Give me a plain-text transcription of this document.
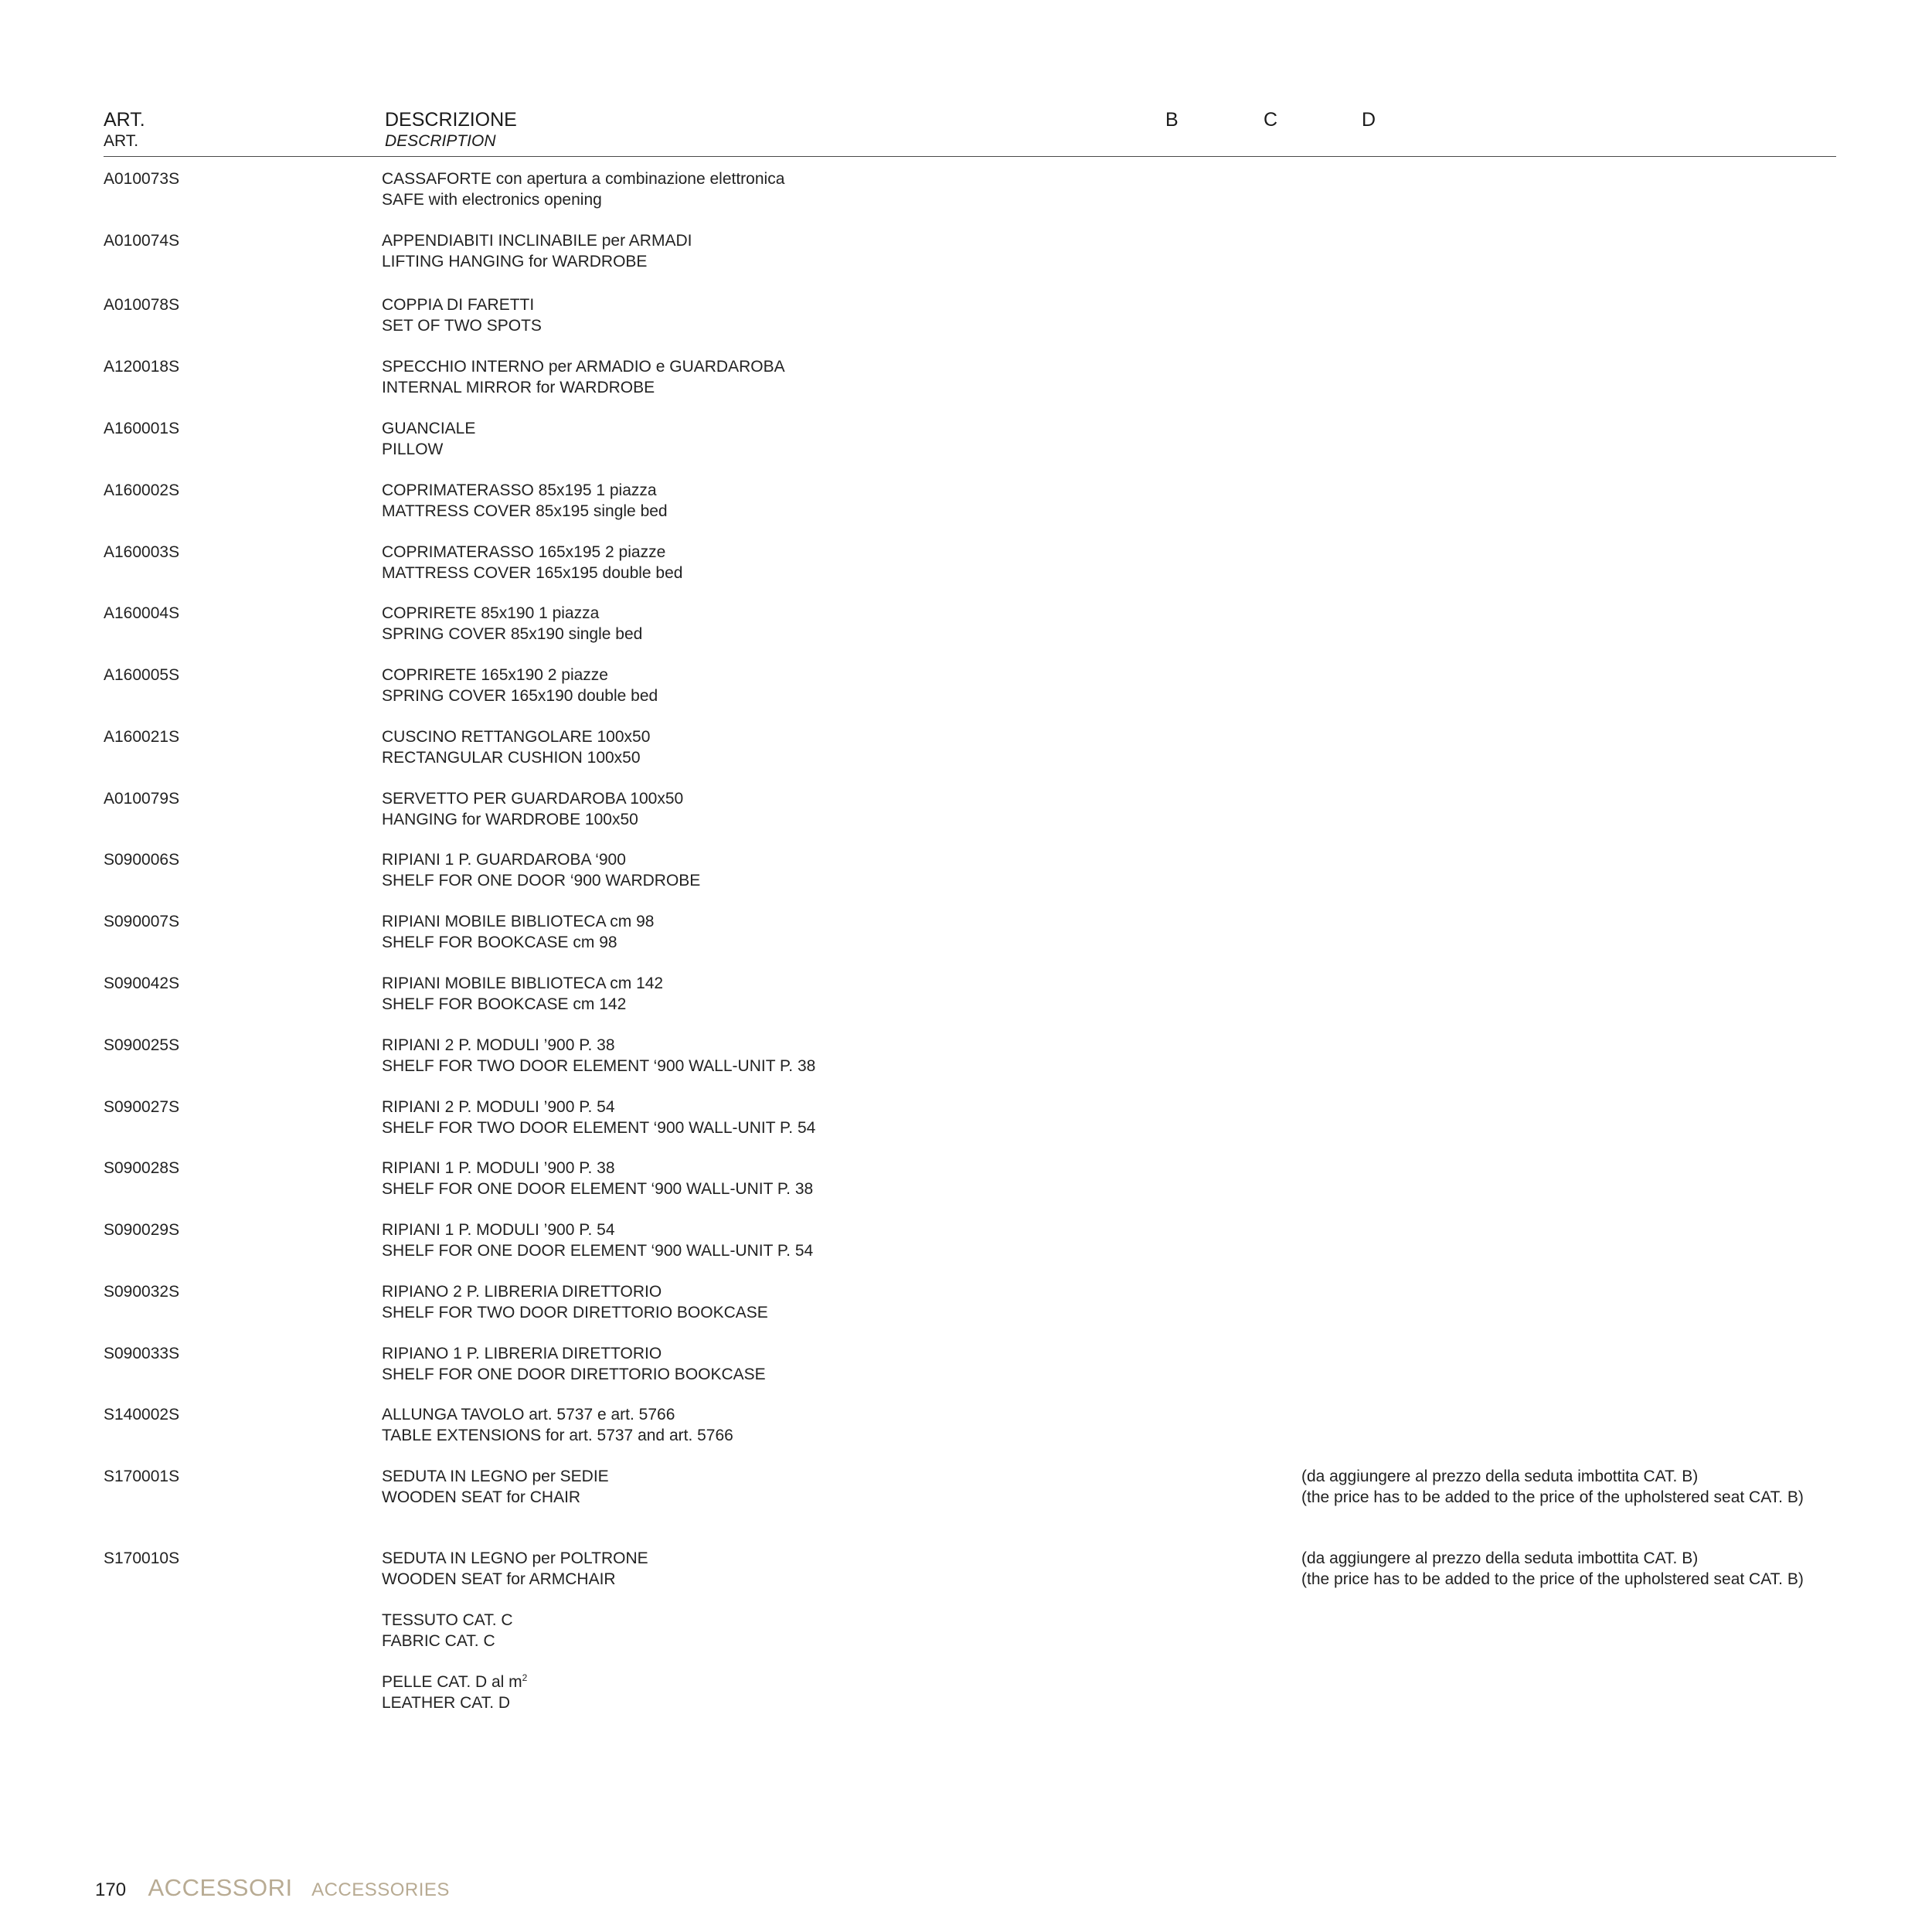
ART.
ART.
DESCRIZIONE
DESCRIPTION
B	C	D
A010073S	CASSAFORTE con apertura a combinazione elettronica
SAFE with electronics opening
A010074S	APPENDIABITI INCLINABILE per ARMADI
LIFTING HANGING for WARDROBE
A010078S	COPPIA DI FARETTI
SET OF TWO SPOTS
A120018S	SPECCHIO INTERNO per ARMADIO e GUARDAROBA
INTERNAL MIRROR for WARDROBE
A160001S	GUANCIALE
PILLOW
A160002S	COPRIMATERASSO 85x195 1 piazza
MATTRESS COVER 85x195 single bed
A160003S	COPRIMATERASSO 165x195 2 piazze
MATTRESS COVER 165x195 double bed
A160004S	COPRIRETE 85x190 1 piazza
SPRING COVER 85x190 single bed
A160005S	COPRIRETE 165x190 2 piazze
SPRING COVER 165x190 double bed
A160021S	CUSCINO RETTANGOLARE 100x50
RECTANGULAR CUSHION 100x50
A010079S	SERVETTO PER GUARDAROBA 100x50
HANGING for WARDROBE 100x50
S090006S	RIPIANI 1 P. GUARDAROBA ‘900
SHELF FOR ONE DOOR ‘900 WARDROBE
S090007S	RIPIANI MOBILE BIBLIOTECA cm 98
SHELF FOR BOOKCASE cm 98
S090042S	RIPIANI MOBILE BIBLIOTECA cm 142
SHELF FOR BOOKCASE cm 142
S090025S	RIPIANI 2 P. MODULI ’900 P. 38
SHELF FOR TWO DOOR ELEMENT ‘900 WALL-UNIT P. 38
S090027S	RIPIANI 2 P. MODULI ’900 P. 54
SHELF FOR TWO DOOR ELEMENT ‘900 WALL-UNIT P. 54
S090028S	RIPIANI 1 P. MODULI ’900 P. 38
SHELF FOR ONE DOOR ELEMENT ‘900 WALL-UNIT P. 38
S090029S	RIPIANI 1 P. MODULI ’900 P. 54
SHELF FOR ONE DOOR ELEMENT ‘900 WALL-UNIT P. 54
S090032S	RIPIANO 2 P. LIBRERIA DIRETTORIO
SHELF FOR TWO DOOR DIRETTORIO BOOKCASE
S090033S	RIPIANO 1 P. LIBRERIA DIRETTORIO
SHELF FOR ONE DOOR DIRETTORIO BOOKCASE
S140002S	ALLUNGA TAVOLO art. 5737 e art. 5766
TABLE EXTENSIONS for art. 5737 and art. 5766
S170001S	SEDUTA IN LEGNO per SEDIE
WOODEN SEAT for CHAIR
(da aggiungere al prezzo della seduta imbottita CAT. B)
(the price has to be added to the price of the upholstered seat CAT. B)
S170010S	SEDUTA IN LEGNO per POLTRONE
WOODEN SEAT for ARMCHAIR
(da aggiungere al prezzo della seduta imbottita CAT. B)
(the price has to be added to the price of the upholstered seat CAT. B)
TESSUTO CAT. C
FABRIC CAT. C
PELLE CAT. D al $m^2$
LEATHER CAT. D
170 ACCESSORI ACCESSORIES
